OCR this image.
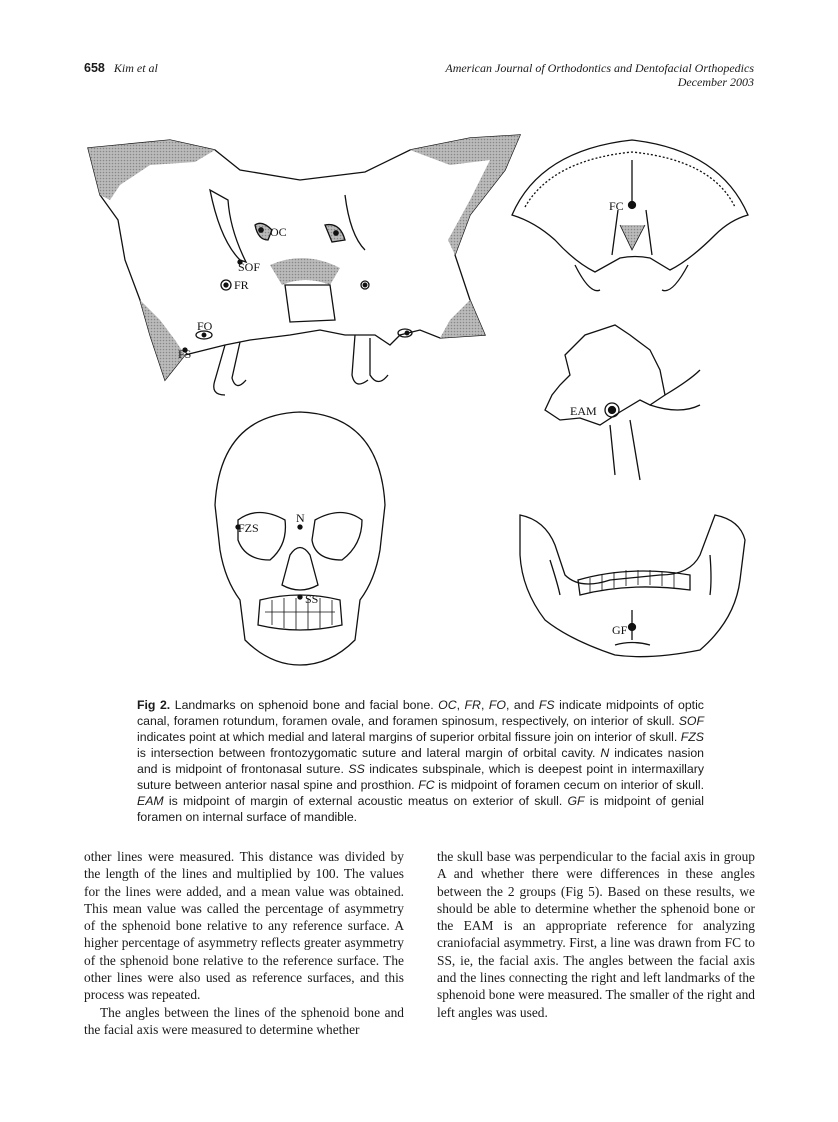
658 Kim et al	American Journal of Orthodontics and Dentofacial Orthopedics
December 2003
OC
SOF
FR
FO
FS
FC
EAM
FZS
N
SS
GF
Fig 2. Landmarks on sphenoid bone and facial bone. OC, FR, FO, and FS indicate midpoints of optic canal, foramen rotundum, foramen ovale, and foramen spinosum, respectively, on interior of skull. SOF indicates point at which medial and lateral margins of superior orbital fissure join on interior of skull. FZS is intersection between frontozygomatic suture and lateral margin of orbital cavity. N indicates nasion and is midpoint of frontonasal suture. SS indicates subspinale, which is deepest point in intermaxillary suture between anterior nasal spine and prosthion. FC is midpoint of foramen cecum on interior of skull. EAM is midpoint of margin of external acoustic meatus on exterior of skull. GF is midpoint of genial foramen on internal surface of mandible.

other lines were measured. This distance was divided by the length of the lines and multiplied by 100. The values for the lines were added, and a mean value was obtained. This mean value was called the percentage of asymmetry of the sphenoid bone relative to any reference surface. A higher percentage of asymmetry reflects greater asymmetry of the sphenoid bone relative to the reference surface. The other lines were also used as reference surfaces, and this process was repeated.

The angles between the lines of the sphenoid bone and the facial axis were measured to determine whether

the skull base was perpendicular to the facial axis in group A and whether there were differences in these angles between the 2 groups (Fig 5). Based on these results, we should be able to determine whether the sphenoid bone or the EAM is an appropriate reference for analyzing craniofacial asymmetry. First, a line was drawn from FC to SS, ie, the facial axis. The angles between the facial axis and the lines connecting the right and left landmarks of the sphenoid bone were measured. The smaller of the right and left angles was used.
